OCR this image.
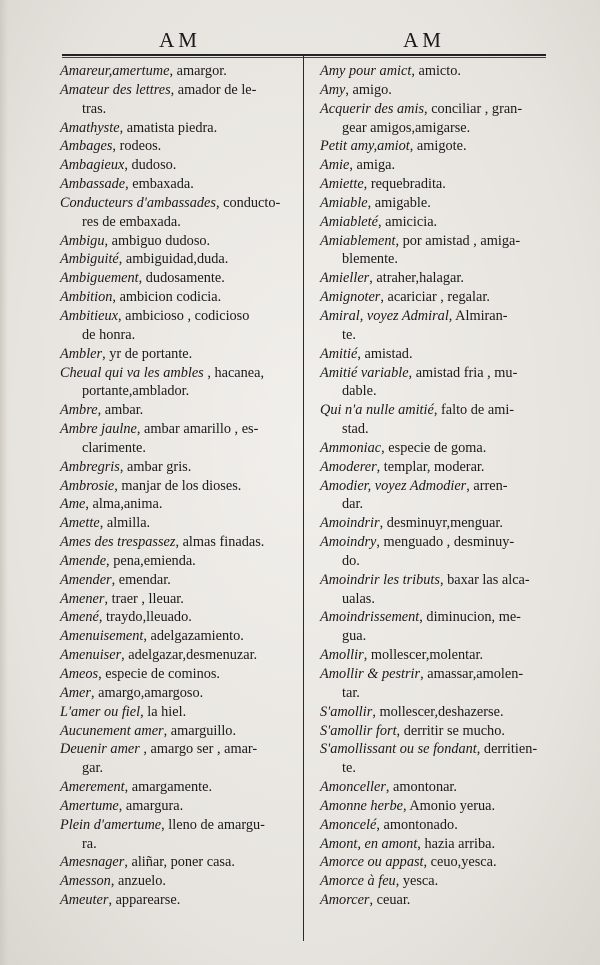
AM	AM
Amareur,amertume, amargor.
Amateur des lettres, amador de le-
tras.
Amathyste, amatista piedra.
Ambages, rodeos.
Ambagieux, dudoso.
Ambassade, embaxada.
Conducteurs d'ambassades, conducto-
res de embaxada.
Ambigu, ambiguo dudoso.
Ambiguité, ambiguidad,duda.
Ambiguement, dudosamente.
Ambition, ambicion codicia.
Ambitieux, ambicioso , codicioso
de honra.
Ambler, yr de portante.
Cheual qui va les ambles , hacanea,
portante,amblador.
Ambre, ambar.
Ambre jaulne, ambar amarillo , es-
clarimente.
Ambregris, ambar gris.
Ambrosie, manjar de los dioses.
Ame, alma,anima.
Amette, almilla.
Ames des trespassez, almas finadas.
Amende, pena,emienda.
Amender, emendar.
Amener, traer , lleuar.
Amené, traydo,lleuado.
Amenuisement, adelgazamiento.
Amenuiser, adelgazar,desmenuzar.
Ameos, especie de cominos.
Amer, amargo,amargoso.
L'amer ou fiel, la hiel.
Aucunement amer, amarguillo.
Deuenir amer , amargo ser , amar-
gar.
Amerement, amargamente.
Amertume, amargura.
Plein d'amertume, lleno de amargu-
ra.
Amesnager, aliñar, poner casa.
Amesson, anzuelo.
Ameuter, apparearse.
Amy pour amict, amicto.
Amy, amigo.
Acquerir des amis, conciliar , gran-
gear amigos,amigarse.
Petit amy,amiot, amigote.
Amie, amiga.
Amiette, requebradita.
Amiable, amigable.
Amiableté, amicicia.
Amiablement, por amistad , amiga-
blemente.
Amieller, atraher,halagar.
Amignoter, acariciar , regalar.
Amiral, voyez Admiral, Almiran-
te.
Amitié, amistad.
Amitié variable, amistad fria , mu-
dable.
Qui n'a nulle amitié, falto de ami-
stad.
Ammoniac, especie de goma.
Amoderer, templar, moderar.
Amodier, voyez Admodier, arren-
dar.
Amoindrir, desminuyr,menguar.
Amoindry, menguado , desminuy-
do.
Amoindrir les tributs, baxar las alca-
ualas.
Amoindrissement, diminucion, me-
gua.
Amollir, mollescer,molentar.
Amollir & pestrir, amassar,amolen-
tar.
S'amollir, mollescer,deshazerse.
S'amollir fort, derritir se mucho.
S'amollissant ou se fondant, derritien-
te.
Amonceller, amontonar.
Amonne herbe, Amonio yerua.
Amoncelé, amontonado.
Amont, en amont, hazia arriba.
Amorce ou appast, ceuo,yesca.
Amorce à feu, yesca.
Amorcer, ceuar.
